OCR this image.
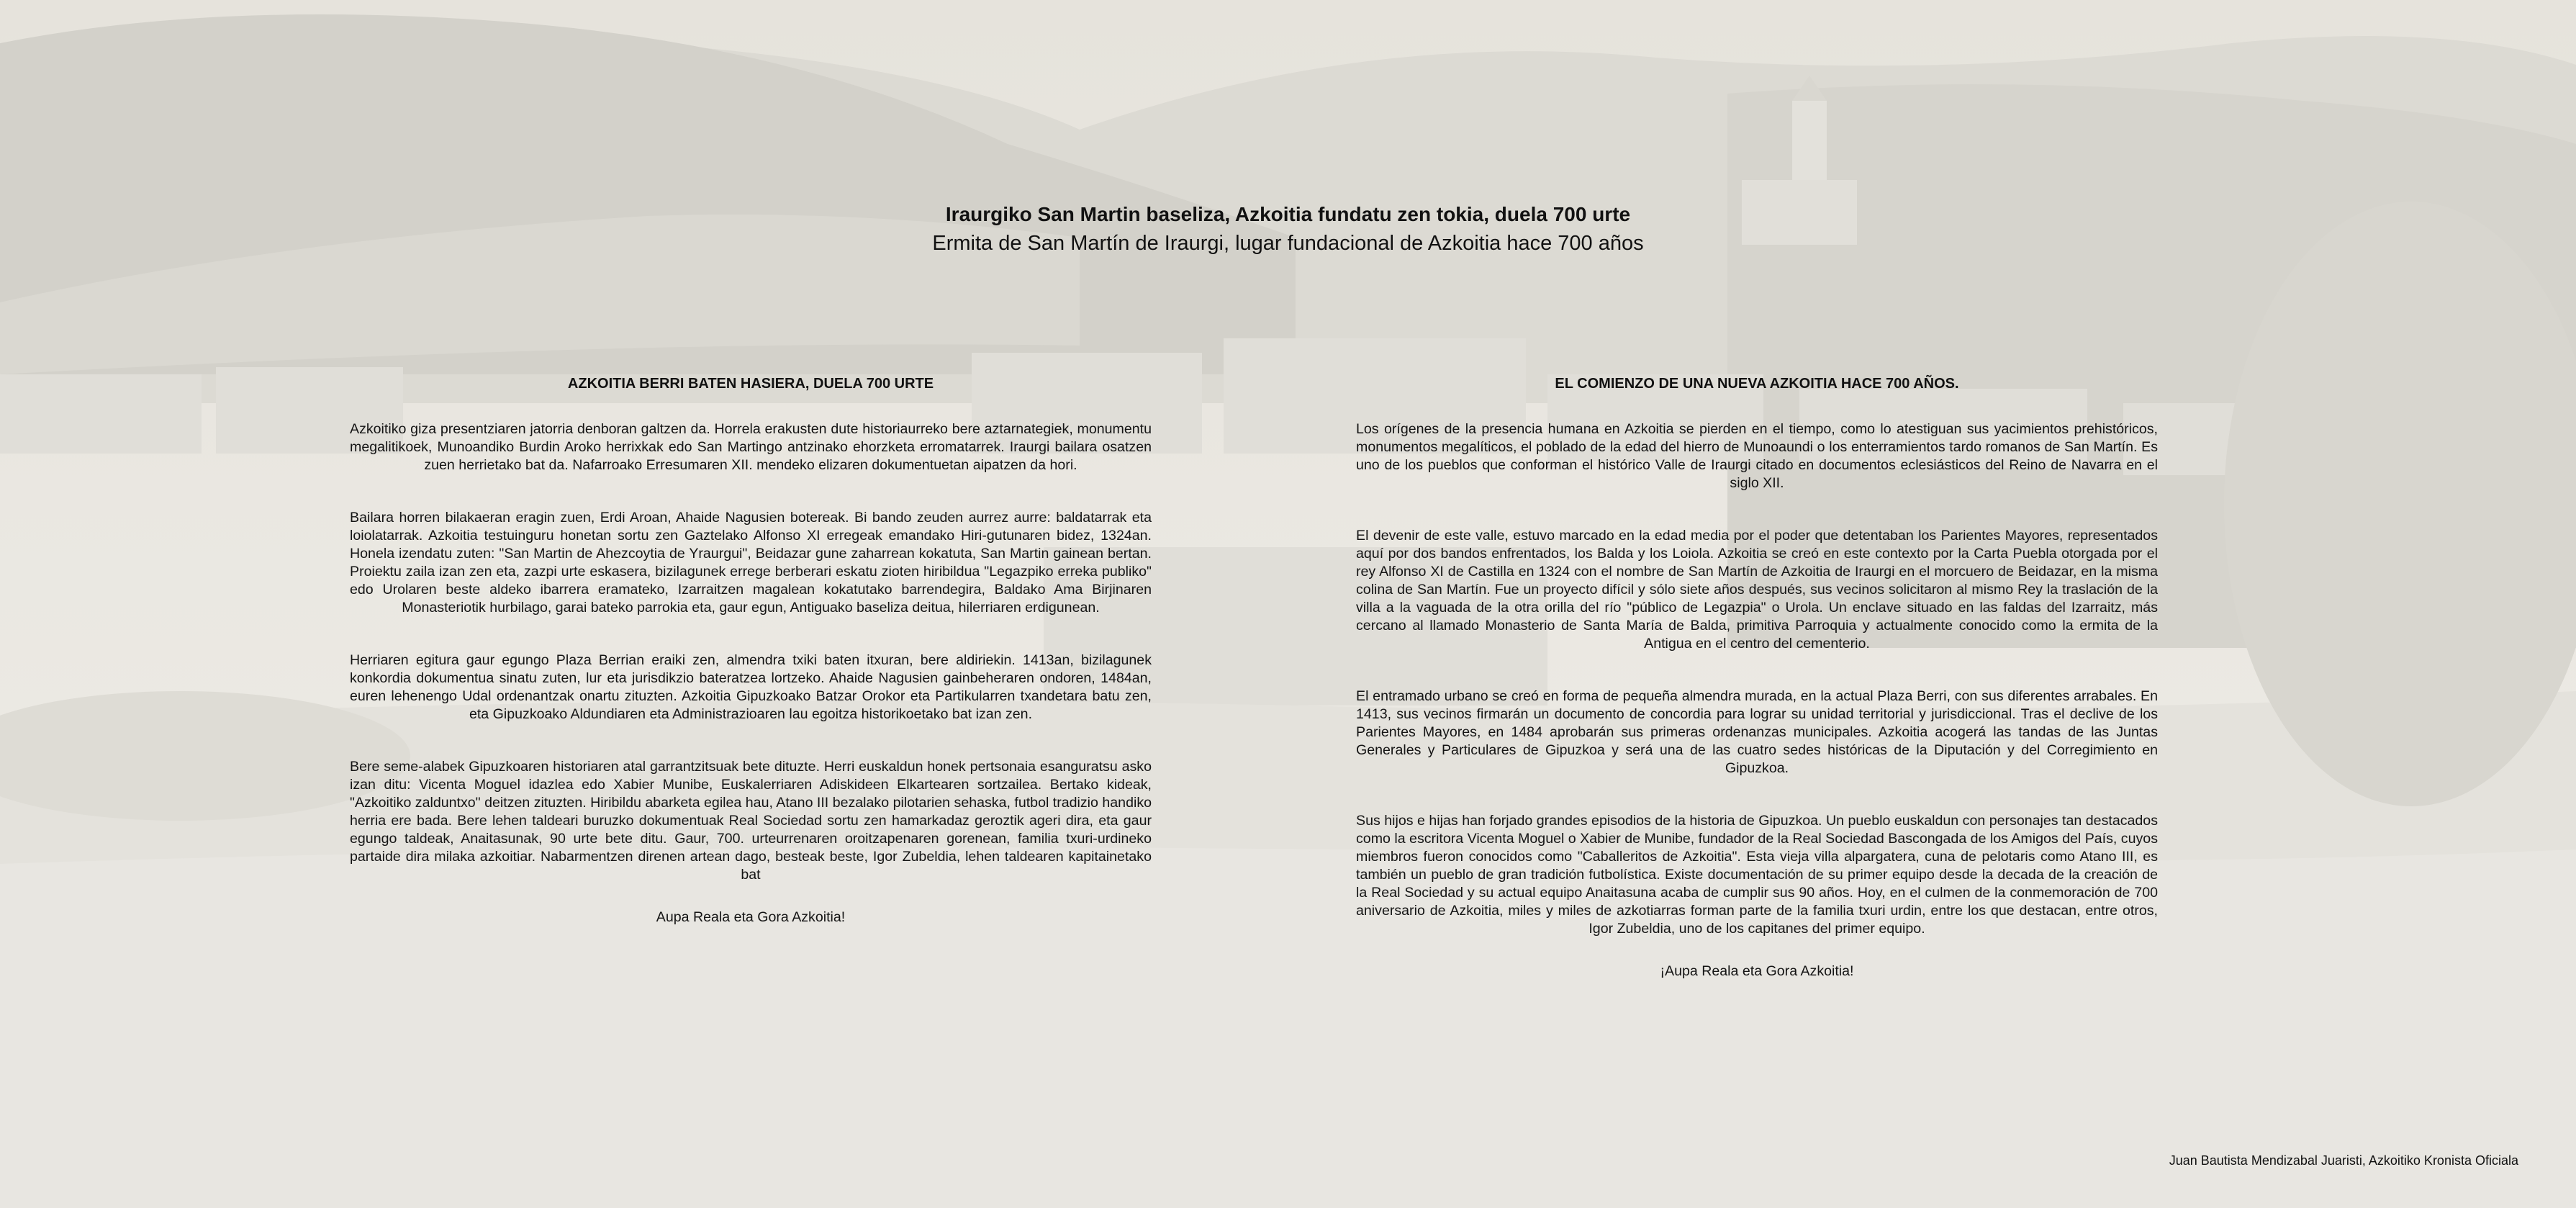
Iraurgiko San Martin baseliza, Azkoitia fundatu zen tokia, duela 700 urte

Ermita de San Martín de Iraurgi, lugar fundacional de Azkoitia hace 700 años

AZKOITIA BERRI BATEN HASIERA, DUELA 700 URTE

Azkoitiko giza presentziaren jatorria denboran galtzen da. Horrela erakusten dute historiaurreko bere aztarnategiek, monumentu megalitikoek, Munoandiko Burdin Aroko herrixkak edo San Martingo antzinako ehorzketa erromatarrek. Iraurgi bailara osatzen zuen herrietako bat da. Nafarroako Erresumaren XII. mendeko elizaren dokumentuetan aipatzen da hori.

Bailara horren bilakaeran eragin zuen, Erdi Aroan, Ahaide Nagusien botereak. Bi bando zeuden aurrez aurre: baldatarrak eta loiolatarrak. Azkoitia testuinguru honetan sortu zen Gaztelako Alfonso XI erregeak emandako Hiri-gutunaren bidez, 1324an. Honela izendatu zuten: "San Martin de Ahezcoytia de Yraurgui", Beidazar gune zaharrean kokatuta, San Martin gainean bertan. Proiektu zaila izan zen eta, zazpi urte eskasera, bizilagunek errege berberari eskatu zioten hiribildua "Legazpiko erreka publiko" edo Urolaren beste aldeko ibarrera eramateko, Izarraitzen magalean kokatutako barrendegira, Baldako Ama Birjinaren Monasteriotik hurbilago, garai bateko parrokia eta, gaur egun, Antiguako baseliza deitua, hilerriaren erdigunean.

Herriaren egitura gaur egungo Plaza Berrian eraiki zen, almendra txiki baten itxuran, bere aldiriekin. 1413an, bizilagunek konkordia dokumentua sinatu zuten, lur eta jurisdikzio bateratzea lortzeko. Ahaide Nagusien gainbeheraren ondoren, 1484an, euren lehenengo Udal ordenantzak onartu zituzten. Azkoitia Gipuzkoako Batzar Orokor eta Partikularren txandetara batu zen, eta Gipuzkoako Aldundiaren eta Administrazioaren lau egoitza historikoetako bat izan zen.

Bere seme-alabek Gipuzkoaren historiaren atal garrantzitsuak bete dituzte. Herri euskaldun honek pertsonaia esanguratsu asko izan ditu: Vicenta Moguel idazlea edo Xabier Munibe, Euskalerriaren Adiskideen Elkartearen sortzailea. Bertako kideak, "Azkoitiko zalduntxo" deitzen zituzten. Hiribildu abarketa egilea hau, Atano III bezalako pilotarien sehaska, futbol tradizio handiko herria ere bada. Bere lehen taldeari buruzko dokumentuak Real Sociedad sortu zen hamarkadaz geroztik ageri dira, eta gaur egungo taldeak, Anaitasunak, 90 urte bete ditu. Gaur, 700. urteurrenaren oroitzapenaren gorenean, familia txuri-urdineko partaide dira milaka azkoitiar. Nabarmentzen direnen artean dago, besteak beste, Igor Zubeldia, lehen taldearen kapitainetako bat

Aupa Reala eta Gora Azkoitia!

EL COMIENZO DE UNA NUEVA AZKOITIA HACE 700 AÑOS.

Los orígenes de la presencia humana en Azkoitia se pierden en el tiempo, como lo atestiguan sus yacimientos prehistóricos, monumentos megalíticos, el poblado de la edad del hierro de Munoaundi o los enterramientos tardo romanos de San Martín. Es uno de los pueblos que conforman el histórico Valle de Iraurgi citado en documentos eclesiásticos del Reino de Navarra en el siglo XII.

El devenir de este valle, estuvo marcado en la edad media por el poder que detentaban los Parientes Mayores, representados aquí por dos bandos enfrentados, los Balda y los Loiola. Azkoitia se creó en este contexto por la Carta Puebla otorgada por el rey Alfonso XI de Castilla en 1324 con el nombre de San Martín de Azkoitia de Iraurgi en el morcuero de Beidazar, en la misma colina de San Martín. Fue un proyecto difícil y sólo siete años después, sus vecinos solicitaron al mismo Rey la traslación de la villa a la vaguada de la otra orilla del río "público de Legazpia" o Urola. Un enclave situado en las faldas del Izarraitz, más cercano al llamado Monasterio de Santa María de Balda, primitiva Parroquia y actualmente conocido como la ermita de la Antigua en el centro del cementerio.

El entramado urbano se creó en forma de pequeña almendra murada, en la actual Plaza Berri, con sus diferentes arrabales. En 1413, sus vecinos firmarán un documento de concordia para lograr su unidad territorial y jurisdiccional. Tras el declive de los Parientes Mayores, en 1484 aprobarán sus primeras ordenanzas municipales. Azkoitia acogerá las tandas de las Juntas Generales y Particulares de Gipuzkoa y será una de las cuatro sedes históricas de la Diputación y del Corregimiento en Gipuzkoa.

Sus hijos e hijas han forjado grandes episodios de la historia de Gipuzkoa. Un pueblo euskaldun con personajes tan destacados como la escritora Vicenta Moguel o Xabier de Munibe, fundador de la Real Sociedad Bascongada de los Amigos del País, cuyos miembros fueron conocidos como "Caballeritos de Azkoitia". Esta vieja villa alpargatera, cuna de pelotaris como Atano III, es también un pueblo de gran tradición futbolística. Existe documentación de su primer equipo desde la decada de la creación de la Real Sociedad y su actual equipo Anaitasuna acaba de cumplir sus 90 años. Hoy, en el culmen de la conmemoración de 700 aniversario de Azkoitia, miles y miles de azkotiarras forman parte de la familia txuri urdin, entre los que destacan, entre otros, Igor Zubeldia, uno de los capitanes del primer equipo.

¡Aupa Reala eta Gora Azkoitia!

Juan Bautista Mendizabal Juaristi, Azkoitiko Kronista Oficiala
